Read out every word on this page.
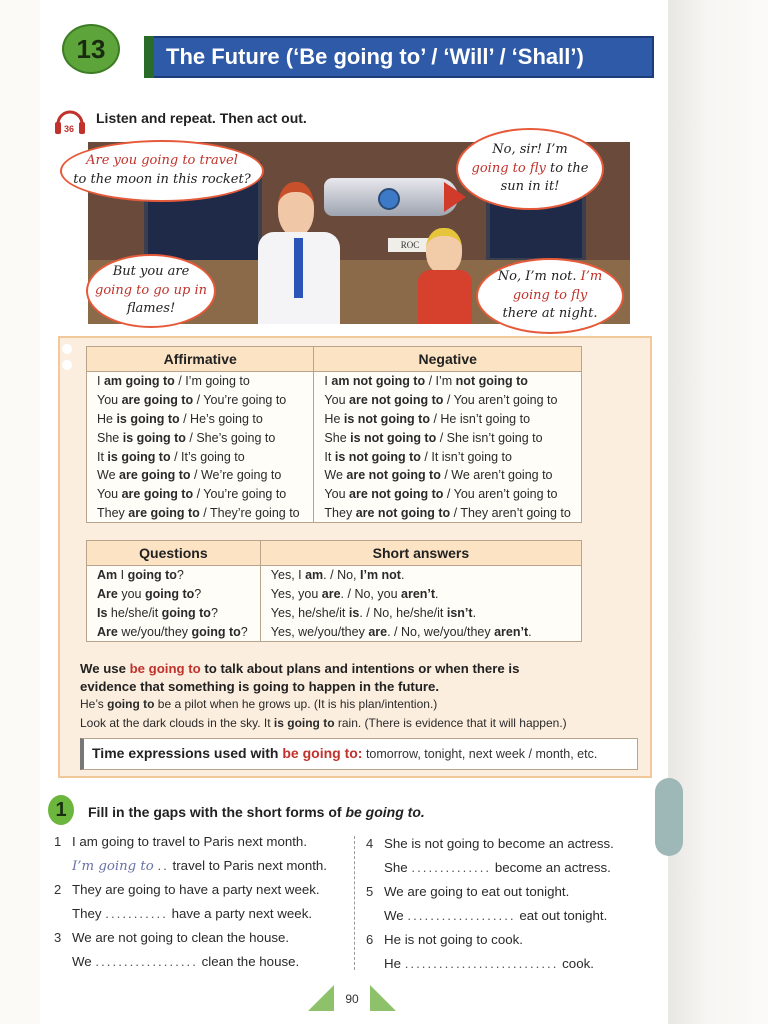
13	The Future (‘Be going to’ / ‘Will’ / ‘Shall’)
36
Listen and repeat. Then act out.
ROC
Are you going to travel
to the moon in this rocket?
No, sir! I’m
going to fly to the
sun in it!
But you are
going to go up in
flames!
No, I’m not. I’m
going to fly
there at night.
Affirmative	Negative
I am going to / I’m going to	I am not going to / I’m not going to
You are going to / You’re going to	You are not going to / You aren’t going to
He is going to / He’s going to	He is not going to / He isn’t going to
She is going to / She’s going to	She is not going to / She isn’t going to
It is going to / It’s going to	It is not going to / It isn’t going to
We are going to / We’re going to	We are not going to / We aren’t going to
You are going to / You’re going to	You are not going to / You aren’t going to
They are going to / They’re going to	They are not going to / They aren’t going to
Questions	Short answers
Am I going to?	Yes, I am. / No, I’m not.
Are you going to?	Yes, you are. / No, you aren’t.
Is he/she/it going to?	Yes, he/she/it is. / No, he/she/it isn’t.
Are we/you/they going to?	Yes, we/you/they are. / No, we/you/they aren’t.
We use be going to to talk about plans and intentions or when there is
evidence that something is going to happen in the future.
He’s going to be a pilot when he grows up. (It is his plan/intention.)
Look at the dark clouds in the sky. It is going to rain. (There is evidence that it will happen.)
Time expressions used with be going to: tomorrow, tonight, next week / month, etc.
1 Fill in the gaps with the short forms of be going to.
1 I am going to travel to Paris next month.
I’m going to .. travel to Paris next month.
2 They are going to have a party next week.
They ........... have a party next week.
3 We are not going to clean the house.
We .................. clean the house.
4 She is not going to become an actress.
She .............. become an actress.
5 We are going to eat out tonight.
We ................... eat out tonight.
6 He is not going to cook.
He ........................... cook.
90
